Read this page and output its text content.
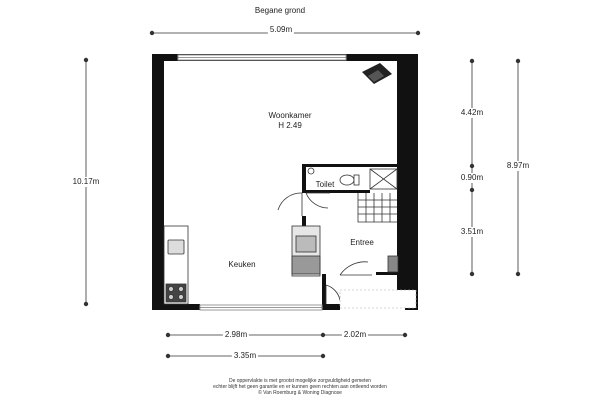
Begane grond
5.09m
10.17m
4.42m
0.90m
3.51m
8.97m
2.98m	2.02m
3.35m
Woonkamer
H 2.49
Toilet
Entree
Keuken
De oppervlakte is met grootst mogelijke zorgvuldigheid gemeten
echter blijft het geen garantie en er kunnen geen rechten aan ontleend worden
© Van Roemburg & Woning Diagnose
